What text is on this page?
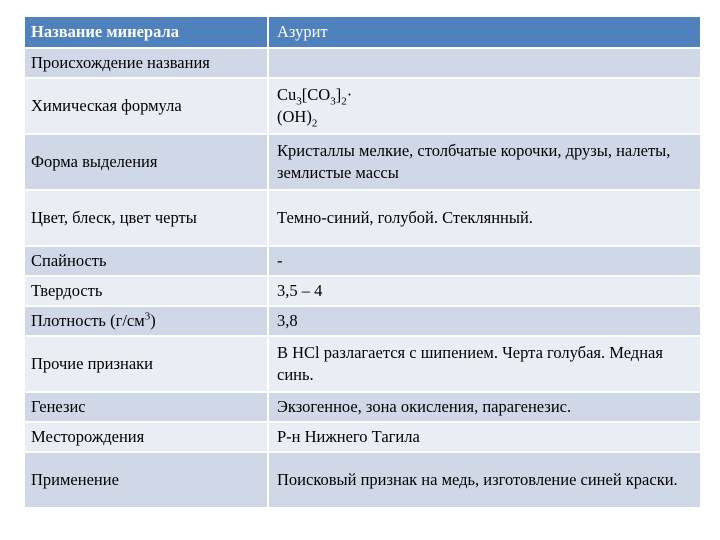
Название минерала	Азурит
Происхождение названия	
Химическая формула	$Cu_3[CO_3]_2\cdot$
$(OH)_2$

Форма выделения	Кристаллы мелкие, столбчатые корочки, друзы, налеты, землистые массы
Цвет, блеск, цвет черты	Темно-синий, голубой. Стеклянный.
Спайность	-
Твердость	3,5 – 4
Плотность $(г/см^3)$	3,8
Прочие признаки	В HCl разлагается с шипением. Черта голубая. Медная синь.
Генезис	Экзогенное, зона окисления, парагенезис.
Месторождения	Р-н Нижнего Тагила
Применение	Поисковый признак на медь, изготовление синей краски.
